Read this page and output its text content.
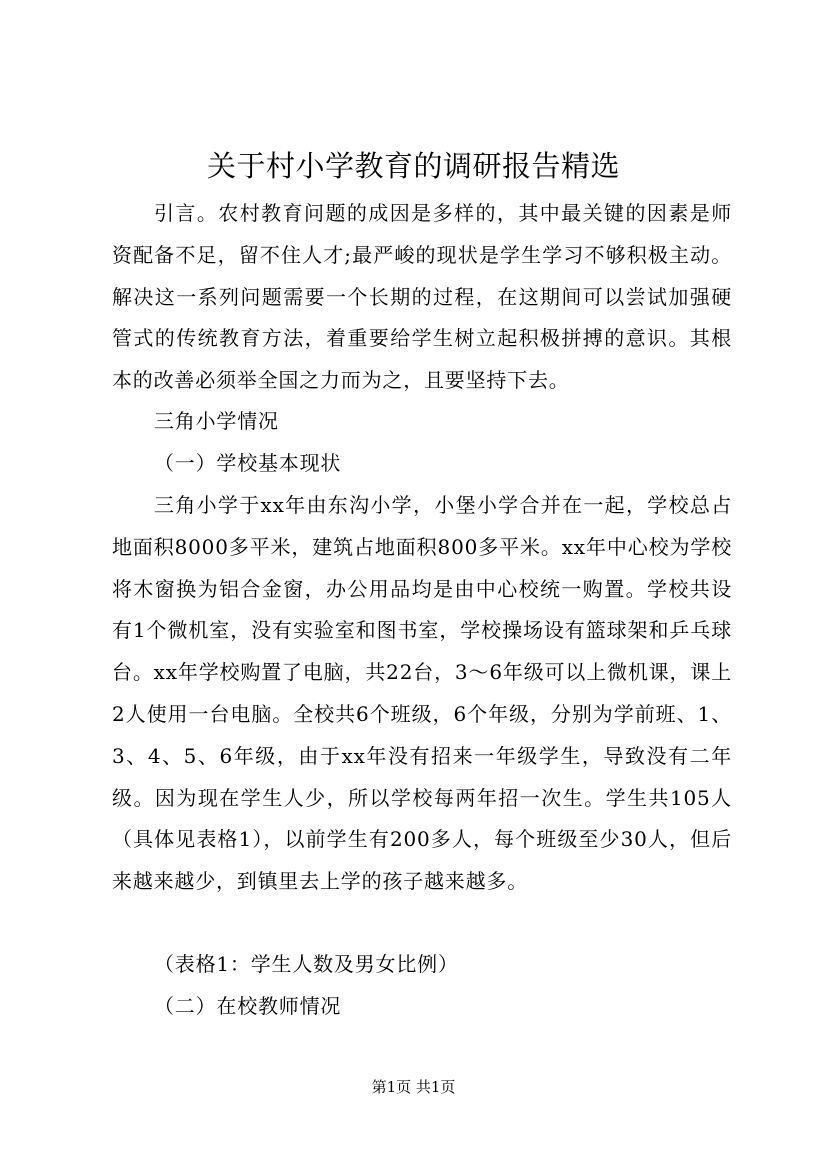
关于村小学教育的调研报告精选

引言。农村教育问题的成因是多样的，其中最关键的因素是师资配备不足，留不住人才;最严峻的现状是学生学习不够积极主动。解决这一系列问题需要一个长期的过程，在这期间可以尝试加强硬管式的传统教育方法，着重要给学生树立起积极拼搏的意识。其根本的改善必须举全国之力而为之，且要坚持下去。

三角小学情况

（一）学校基本现状

三角小学于xx年由东沟小学，小堡小学合并在一起，学校总占地面积8000多平米，建筑占地面积800多平米。xx年中心校为学校将木窗换为铝合金窗，办公用品均是由中心校统一购置。学校共设有1个微机室，没有实验室和图书室，学校操场设有篮球架和乒乓球台。xx年学校购置了电脑，共22台，3～6年级可以上微机课，课上2人使用一台电脑。全校共6个班级，6个年级，分别为学前班、1、3、4、5、6年级，由于xx年没有招来一年级学生，导致没有二年级。因为现在学生人少，所以学校每两年招一次生。学生共105人（具体见表格1），以前学生有200多人，每个班级至少30人，但后来越来越少，到镇里去上学的孩子越来越多。

（表格1：学生人数及男女比例）

（二）在校教师情况

第1页 共1页
